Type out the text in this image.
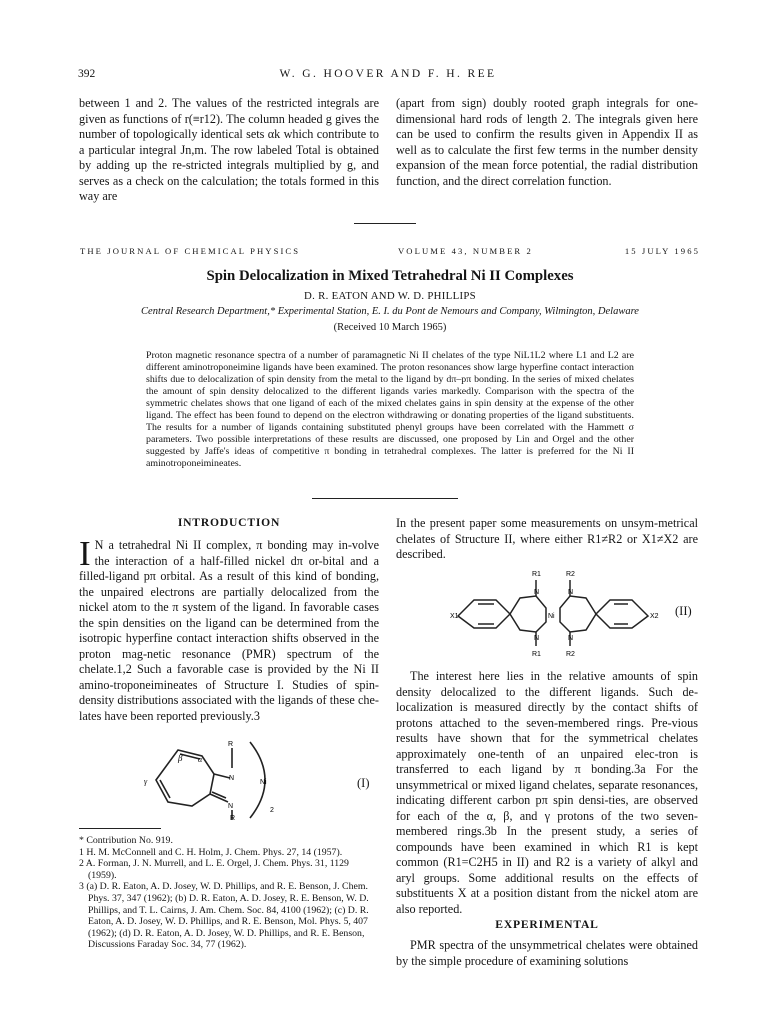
392	W. G. HOOVER AND F. H. REE

between 1 and 2. The values of the restricted integrals are given as functions of r(≡r12). The column headed g gives the number of topologically identical sets αk which contribute to a particular integral Jn,m. The row labeled Total is obtained by adding up the re-stricted integrals multiplied by g, and serves as a check on the calculation; the totals formed in this way are

(apart from sign) doubly rooted graph integrals for one-dimensional hard rods of length 2. The integrals given here can be used to confirm the results given in Appendix II as well as to calculate the first few terms in the number density expansion of the mean force potential, the radial distribution function, and the direct correlation function.

THE JOURNAL OF CHEMICAL PHYSICS	VOLUME 43, NUMBER 2	15 JULY 1965
Spin Delocalization in Mixed Tetrahedral Ni II Complexes
D. R. EATON AND W. D. PHILLIPS
Central Research Department,* Experimental Station, E. I. du Pont de Nemours and Company, Wilmington, Delaware
(Received 10 March 1965)
Proton magnetic resonance spectra of a number of paramagnetic Ni II chelates of the type NiL1L2 where L1 and L2 are different aminotroponeimine ligands have been examined. The proton resonances show large hyperfine contact interaction shifts due to delocalization of spin density from the metal to the ligand by dπ–pπ bonding. In the series of mixed chelates the amount of spin density delocalized to the different ligands varies markedly. Comparison with the spectra of the symmetric chelates shows that one ligand of each of the mixed chelates gains in spin density at the expense of the other ligand. The effect has been found to depend on the electron withdrawing or donating properties of the ligand substituents. The results for a number of ligands containing substituted phenyl groups have been correlated with the Hammett σ parameters. Two possible interpretations of these results are discussed, one proposed by Lin and Orgel and the other suggested by Jaffe's ideas of competitive π bonding in tetrahedral complexes. The latter is preferred for the Ni II aminotroponeimineates.
INTRODUCTION
I N a tetrahedral Ni II complex, π bonding may in-volve the interaction of a half-filled nickel dπ or-bital and a filled-ligand pπ orbital. As a result of this kind of bonding, the unpaired electrons are partially delocalized from the nickel atom to the π system of the ligand. In favorable cases the spin densities on the ligand can be determined from the isotropic hyperfine contact interaction shifts observed in the proton mag-netic resonance (PMR) spectrum of the chelate.1,2 Such a favorable case is provided by the Ni II amino-troponeimineates of Structure I. Studies of spin-density distributions associated with the ligands of these che-lates have been reported previously.3

R
β α
γ	N
N
Ni
R
2
(I)

* Contribution No. 919.

1 H. M. McConnell and C. H. Holm, J. Chem. Phys. 27, 14 (1957).

2 A. Forman, J. N. Murrell, and L. E. Orgel, J. Chem. Phys. 31, 1129 (1959).

3 (a) D. R. Eaton, A. D. Josey, W. D. Phillips, and R. E. Benson, J. Chem. Phys. 37, 347 (1962); (b) D. R. Eaton, A. D. Josey, R. E. Benson, W. D. Phillips, and T. L. Cairns, J. Am. Chem. Soc. 84, 4100 (1962); (c) D. R. Eaton, A. D. Josey, W. D. Phillips, and R. E. Benson, Mol. Phys. 5, 407 (1962); (d) D. R. Eaton, A. D. Josey, W. D. Phillips, and R. E. Benson, Discussions Faraday Soc. 34, 77 (1962).

In the present paper some measurements on unsym-metrical chelates of Structure II, where either R1≠R2 or X1≠X2 are described.

X1	X2
R1	R2
R1	R2
N	N
N	N
Ni	(II)

The interest here lies in the relative amounts of spin density delocalized to the different ligands. Such de-localization is measured directly by the contact shifts of protons attached to the seven-membered rings. Pre-vious results have shown that for the symmetrical chelates approximately one-tenth of an unpaired elec-tron is transferred to each ligand by π bonding.3a For the unsymmetrical or mixed ligand chelates, separate resonances, indicating different carbon pπ spin densi-ties, are observed for each of the α, β, and γ protons of the two seven-membered rings.3b In the present study, a series of compounds have been examined in which R1 is kept common (R1=C2H5 in II) and R2 is a variety of alkyl and aryl groups. Some additional results on the effects of substituents X at a position distant from the nickel atom are also reported.

EXPERIMENTAL

PMR spectra of the unsymmetrical chelates were obtained by the simple procedure of examining solutions
